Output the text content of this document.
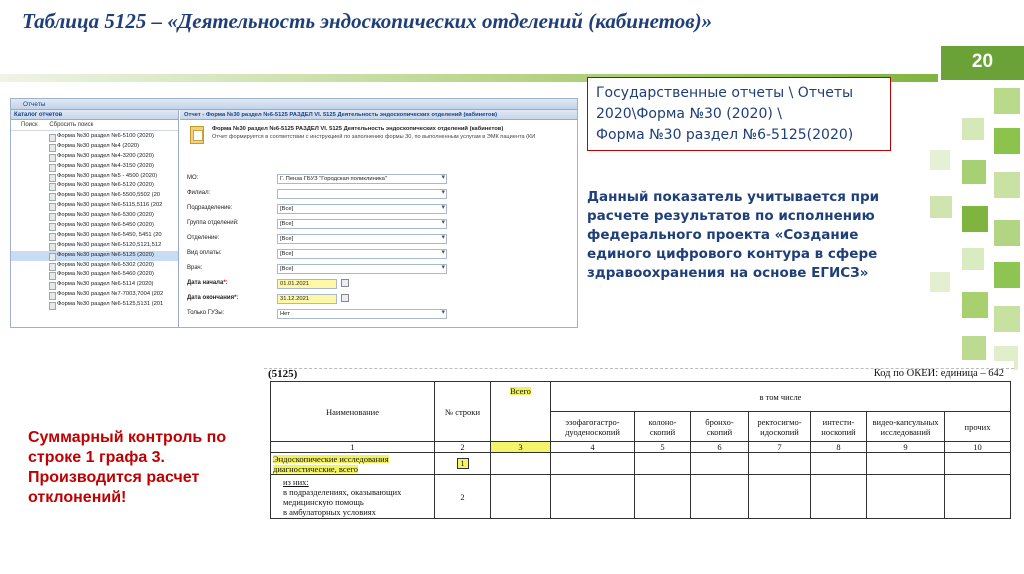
Таблица 5125 – «Деятельность эндоскопических отделений (кабинетов)»
20
Отчеты
Каталог отчетов
Поиск Сбросить поиск
Форма №30 раздел №6-5100 (2020)
Форма №30 раздел №4 (2020)
Форма №30 раздел №4-3200 (2020)
Форма №30 раздел №4-3150 (2020)
Форма №30 раздел №5 - 4500 (2020)
Форма №30 раздел №6-5120 (2020)
Форма №30 раздел №6-5500,5502 (20
Форма №30 раздел №6-5115,5116 (202
Форма №30 раздел №6-5300 (2020)
Форма №30 раздел №6-5450 (2020)
Форма №30 раздел №6-5450, 5451 (20
Форма №30 раздел №6-5120,5121,512
Форма №30 раздел №6-5125 (2020)
Форма №30 раздел №6-5302 (2020)
Форма №30 раздел №6-5460 (2020)
Форма №30 раздел №6-5114 (2020)
Форма №30 раздел №7-7003,7004 (202
Форма №30 раздел №6-5125,5131 (201
Отчет - Форма №30 раздел №6-5125 РАЗДЕЛ VI. 5125 Деятельность эндоскопических отделений (кабинетов)
Форма №30 раздел №6-5125 РАЗДЕЛ VI. 5125 Деятельность эндоскопических отделений (кабинетов)
Отчет формируется в соответствии с инструкцией по заполнению формы 30, по выполненным услугам в ЭМК пациента (КИ
МО:	Г. Пенза ГБУЗ "Городская поликлиника" ▾
Филиал:
▾
Подразделение:	[Все] ▾
Группа отделений:	[Все] ▾
Отделение:	[Все] ▾
Вид оплаты:	[Все] ▾
Врач:	[Все] ▾
Дата начала*:	01.01.2021
Дата окончания*:	31.12.2021
Только ГУЗы:	Нет ▾
Государственные отчеты \ Отчеты
2020\Форма №30 (2020) \
Форма №30 раздел №6-5125(2020)
Данный показатель учитывается при расчете результатов по исполнению федерального проекта «Создание единого цифрового контура в сфере здравоохранения на основе ЕГИСЗ»
Суммарный контроль по строке 1 графа 3. Производится расчет отклонений!
(5125)	Код по ОКЕИ: единица – 642
Наименование	№ строки	Всего	в том числе						
			эзофагогастро-дуоденоскопий	колоно-скопий	бронхо-скопий	ректосигмо-идоскопий	интести-носкопий	видео-капсульных исследований	прочих
1	2	3	4	5	6	7	8	9	10
Эндоскопические исследования диагностические, всего	1								

из них:
в подразделениях, оказывающих медицинскую помощь
в амбулаторных условиях	2								
